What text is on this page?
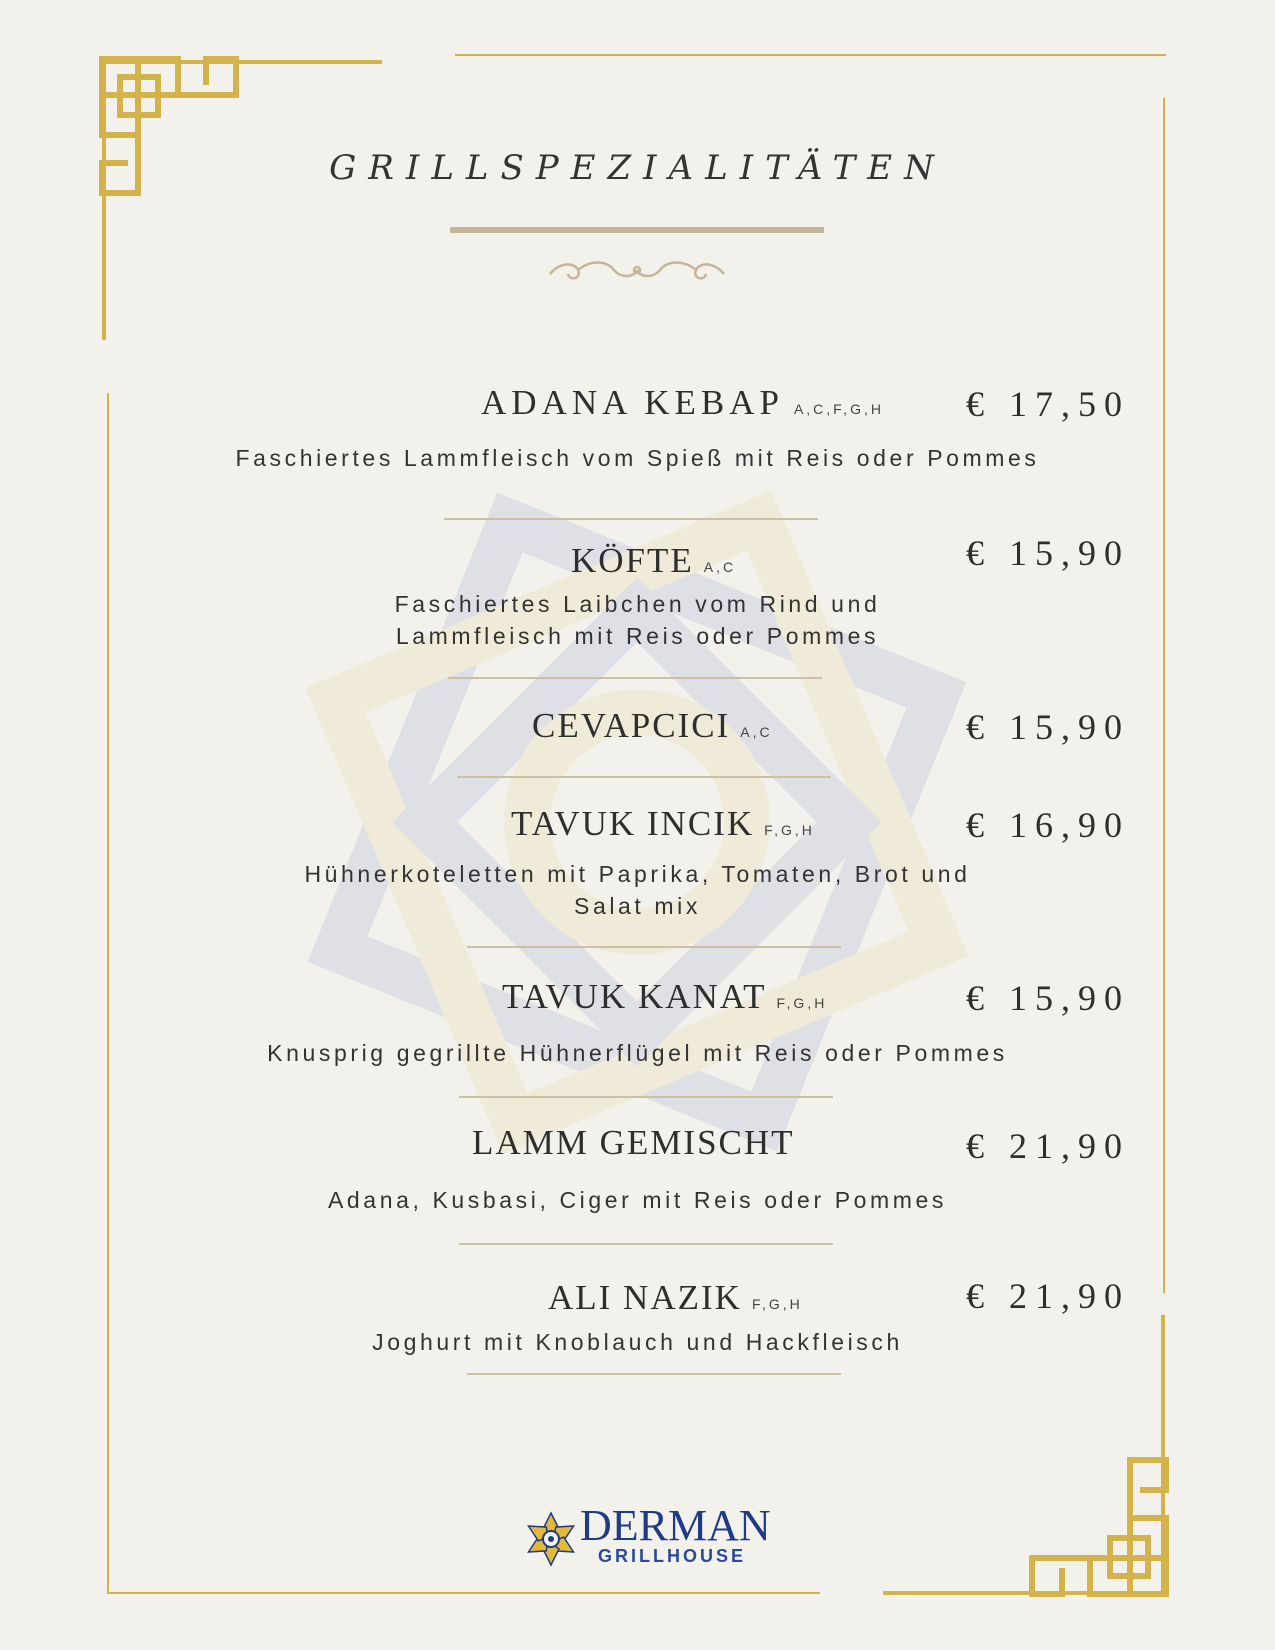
GRILLSPEZIALITÄTEN
ADANA KEBAP A,C,F,G,H € 17,50
Faschiertes Lammfleisch vom Spieß mit Reis oder Pommes
KÖFTE A,C	€ 15,90
Faschiertes Laibchen vom Rind und Lammfleisch mit Reis oder Pommes
CEVAPCICI A,C	€ 15,90
TAVUK INCIK F,G,H	€ 16,90
Hühnerkoteletten mit Paprika, Tomaten, Brot und Salat mix
TAVUK KANAT F,G,H	€ 15,90
Knusprig gegrillte Hühnerflügel mit Reis oder Pommes
LAMM GEMISCHT	€ 21,90
Adana, Kusbasi, Ciger mit Reis oder Pommes
ALI NAZIK F,G,H	€ 21,90
Joghurt mit Knoblauch und Hackfleisch
DERMAN
GRILLHOUSE
